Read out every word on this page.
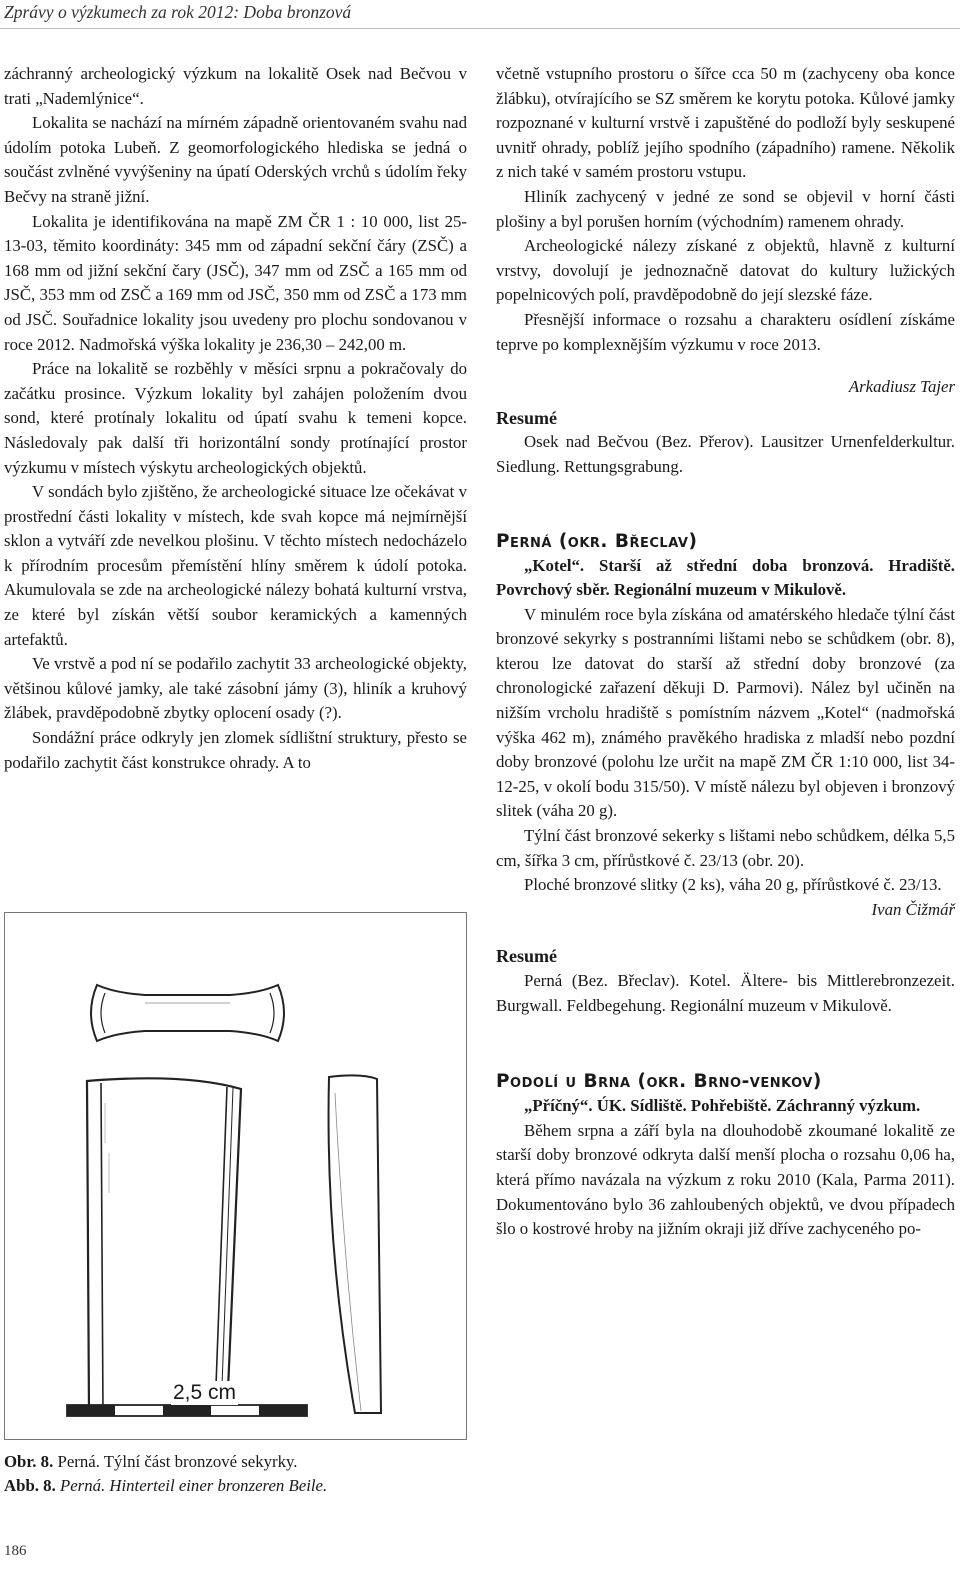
Zprávy o výzkumech za rok 2012: Doba bronzová

záchranný archeologický výzkum na lokalitě Osek nad Bečvou v trati „Nademlýnice“.

Lokalita se nachází na mírném západně orientovaném svahu nad údolím potoka Lubeň. Z geomorfologického hlediska se jedná o součást zvlněné vyvýšeniny na úpatí Oderských vrchů s údolím řeky Bečvy na straně jižní.

Lokalita je identifikována na mapě ZM ČR 1 : 10 000, list 25-13-03, těmito koordináty: 345 mm od západní sekční čáry (ZSČ) a 168 mm od jižní sekční čary (JSČ), 347 mm od ZSČ a 165 mm od JSČ, 353 mm od ZSČ a 169 mm od JSČ, 350 mm od ZSČ a 173 mm od JSČ. Souřadnice lokality jsou uvedeny pro plochu sondovanou v roce 2012. Nadmořská výška lokality je 236,30 – 242,00 m.

Práce na lokalitě se rozběhly v měsíci srpnu a pokračovaly do začátku prosince. Výzkum lokality byl zahájen položením dvou sond, které protínaly lokalitu od úpatí svahu k temeni kopce. Následovaly pak další tři horizontální sondy protínající prostor výzkumu v místech výskytu archeologických objektů.

V sondách bylo zjištěno, že archeologické situace lze očekávat v prostřední části lokality v místech, kde svah kopce má nejmírnější sklon a vytváří zde nevelkou plošinu. V těchto místech nedocházelo k přírodním procesům přemístění hlíny směrem k údolí potoka. Akumulovala se zde na archeologické nálezy bohatá kulturní vrstva, ze které byl získán větší soubor keramických a kamenných artefaktů.

Ve vrstvě a pod ní se podařilo zachytit 33 archeologické objekty, většinou kůlové jamky, ale také zásobní jámy (3), hliník a kruhový žlábek, pravděpodobně zbytky oplocení osady (?).

Sondážní práce odkryly jen zlomek sídlištní struktury, přesto se podařilo zachytit část konstrukce ohrady. A to

2,5 cm
Obr. 8. Perná. Týlní část bronzové sekyrky.
Abb. 8. Perná. Hinterteil einer bronzeren Beile.

včetně vstupního prostoru o šířce cca 50 m (zachyceny oba konce žlábku), otvírajícího se SZ směrem ke korytu potoka. Kůlové jamky rozpoznané v kulturní vrstvě i zapuštěné do podloží byly seskupené uvnitř ohrady, poblíž jejího spodního (západního) ramene. Několik z nich také v samém prostoru vstupu.

Hliník zachycený v jedné ze sond se objevil v horní části plošiny a byl porušen horním (východním) ramenem ohrady.

Archeologické nálezy získané z objektů, hlavně z kulturní vrstvy, dovolují je jednoznačně datovat do kultury lužických popelnicových polí, pravděpodobně do její slezské fáze.

Přesnější informace o rozsahu a charakteru osídlení získáme teprve po komplexnějším výzkumu v roce 2013.

Arkadiusz Tajer

Resumé

Osek nad Bečvou (Bez. Přerov). Lausitzer Urnenfelderkultur. Siedlung. Rettungsgrabung.

Perná (okr. Břeclav)

„Kotel“. Starší až střední doba bronzová. Hradiště. Povrchový sběr. Regionální muzeum v Mikulově.

V minulém roce byla získána od amatérského hledače týlní část bronzové sekyrky s postranními lištami nebo se schůdkem (obr. 8), kterou lze datovat do starší až střední doby bronzové (za chronologické zařazení děkuji D. Parmovi). Nález byl učiněn na nižším vrcholu hradiště s pomístním názvem „Kotel“ (nadmořská výška 462 m), známého pravěkého hradiska z mladší nebo pozdní doby bronzové (polohu lze určit na mapě ZM ČR 1:10 000, list 34-12-25, v okolí bodu 315/50). V místě nálezu byl objeven i bronzový slitek (váha 20 g).

Týlní část bronzové sekerky s lištami nebo schůdkem, délka 5,5 cm, šířka 3 cm, přírůstkové č. 23/13 (obr. 20).

Ploché bronzové slitky (2 ks), váha 20 g, přírůstkové č. 23/13.

Ivan Čižmář

Resumé

Perná (Bez. Břeclav). Kotel. Ältere- bis Mittlerebronzezeit. Burgwall. Feldbegehung. Regionální muzeum v Mikulově.

Podolí u Brna (okr. Brno-venkov)

„Příčný“. ÚK. Sídliště. Pohřebiště. Záchranný výzkum.

Během srpna a září byla na dlouhodobě zkoumané lokalitě ze starší doby bronzové odkryta další menší plocha o rozsahu 0,06 ha, která přímo navázala na výzkum z roku 2010 (Kala, Parma 2011). Dokumentováno bylo 36 zahloubených objektů, ve dvou případech šlo o kostrové hroby na jižním okraji již dříve zachyceného po-

186
